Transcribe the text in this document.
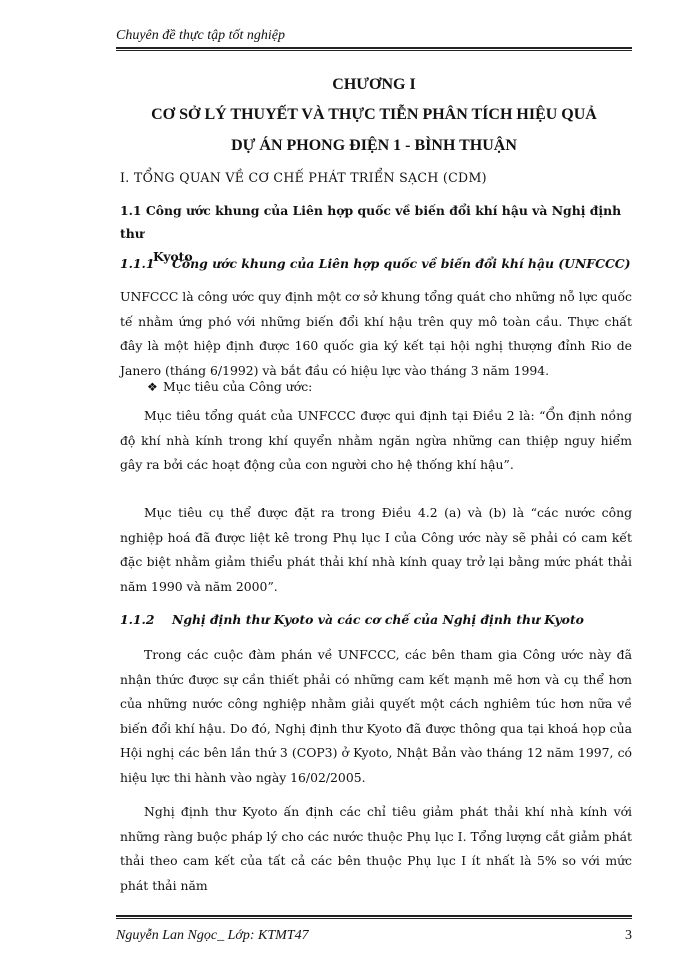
Chuyên đề thực tập tốt nghiệp
CHƯƠNG I
CƠ SỞ LÝ THUYẾT VÀ THỰC TIỄN PHÂN TÍCH HIỆU QUẢ
DỰ ÁN PHONG ĐIỆN 1 - BÌNH THUẬN
I. TỔNG QUAN VỀ CƠ CHẾ PHÁT TRIỂN SẠCH (CDM)
1.1 Công ước khung của Liên hợp quốc về biến đổi khí hậu và Nghị định thư
Kyoto
1.1.1 Công ước khung của Liên hợp quốc về biến đổi khí hậu (UNFCCC)

UNFCCC là công ước quy định một cơ sở khung tổng quát cho những nỗ lực quốc tế nhằm ứng phó với những biến đổi khí hậu trên quy mô toàn cầu. Thực chất đây là một hiệp định được 160 quốc gia ký kết tại hội nghị thượng đỉnh Rio de Janero (tháng 6/1992) và bắt đầu có hiệu lực vào tháng 3 năm 1994.

❖ Mục tiêu của Công ước:

Mục tiêu tổng quát của UNFCCC được qui định tại Điều 2 là: “Ổn định nồng độ khí nhà kính trong khí quyển nhằm ngăn ngừa những can thiệp nguy hiểm gây ra bởi các hoạt động của con người cho hệ thống khí hậu”.

Mục tiêu cụ thể được đặt ra trong Điều 4.2 (a) và (b) là “các nước công nghiệp hoá đã được liệt kê trong Phụ lục I của Công ước này sẽ phải có cam kết đặc biệt nhằm giảm thiểu phát thải khí nhà kính quay trở lại bằng mức phát thải năm 1990 và năm 2000”.

1.1.2 Nghị định thư Kyoto và các cơ chế của Nghị định thư Kyoto

Trong các cuộc đàm phán về UNFCCC, các bên tham gia Công ước này đã nhận thức được sự cần thiết phải có những cam kết mạnh mẽ hơn và cụ thể hơn của những nước công nghiệp nhằm giải quyết một cách nghiêm túc hơn nữa về biến đổi khí hậu. Do đó, Nghị định thư Kyoto đã được thông qua tại khoá họp của Hội nghị các bên lần thứ 3 (COP3) ở Kyoto, Nhật Bản vào tháng 12 năm 1997, có hiệu lực thi hành vào ngày 16/02/2005.

Nghị định thư Kyoto ấn định các chỉ tiêu giảm phát thải khí nhà kính với những ràng buộc pháp lý cho các nước thuộc Phụ lục I. Tổng lượng cắt giảm phát thải theo cam kết của tất cả các bên thuộc Phụ lục I ít nhất là 5% so với mức phát thải năm

Nguyễn Lan Ngọc_ Lớp: KTMT47	3
